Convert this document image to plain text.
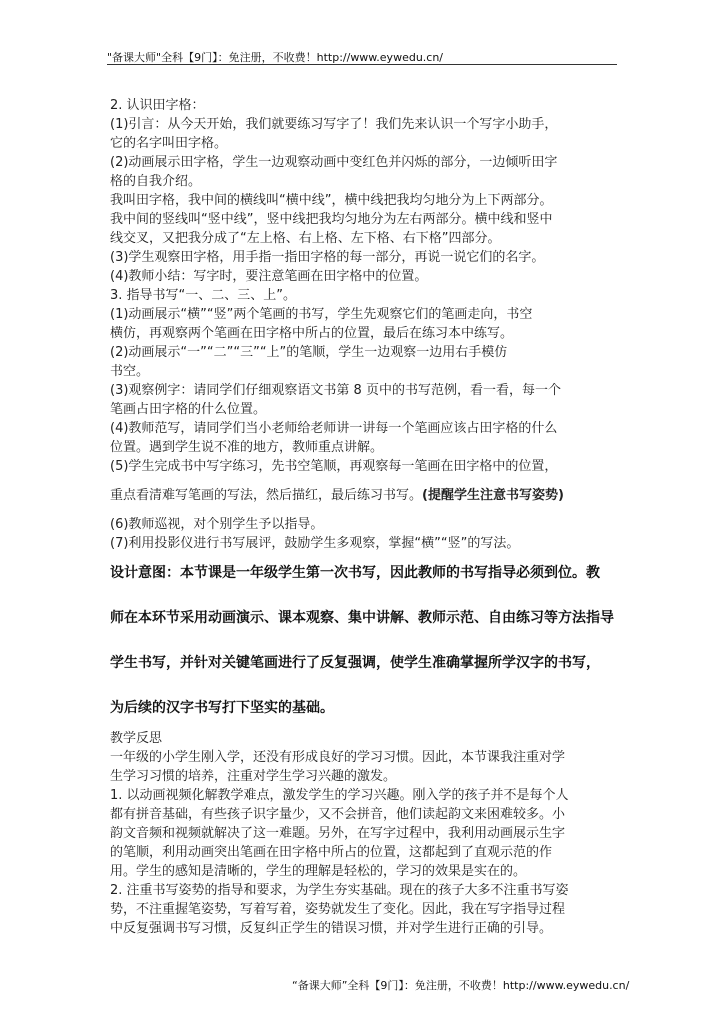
"备课大师"全科【9门】：免注册，不收费！http://www.eywedu.cn/
2. 认识田字格：
(1)引言：从今天开始，我们就要练习写字了！我们先来认识一个写字小助手，
它的名字叫田字格。
(2)动画展示田字格，学生一边观察动画中变红色并闪烁的部分，一边倾听田字
格的自我介绍。
我叫田字格，我中间的横线叫“横中线”，横中线把我均匀地分为上下两部分。
我中间的竖线叫“竖中线”，竖中线把我均匀地分为左右两部分。横中线和竖中
线交叉，又把我分成了“左上格、右上格、左下格、右下格”四部分。
(3)学生观察田字格，用手指一指田字格的每一部分，再说一说它们的名字。
(4)教师小结：写字时，要注意笔画在田字格中的位置。
3. 指导书写“一、二、三、上”。
(1)动画展示“横”“竖”两个笔画的书写，学生先观察它们的笔画走向，书空
横仿，再观察两个笔画在田字格中所占的位置，最后在练习本中练写。
(2)动画展示“一”“二”“三”“上”的笔顺，学生一边观察一边用右手模仿
书空。
(3)观察例字：请同学们仔细观察语文书第 8 页中的书写范例，看一看，每一个
笔画占田字格的什么位置。
(4)教师范写，请同学们当小老师给老师讲一讲每一个笔画应该占田字格的什么
位置。遇到学生说不准的地方，教师重点讲解。
(5)学生完成书中写字练习，先书空笔顺，再观察每一笔画在田字格中的位置，
重点看清难写笔画的写法，然后描红，最后练习书写。(提醒学生注意书写姿势)
(6)教师巡视，对个别学生予以指导。
(7)利用投影仪进行书写展评，鼓励学生多观察，掌握“横”“竖”的写法。
设计意图：本节课是一年级学生第一次书写，因此教师的书写指导必须到位。教
师在本环节采用动画演示、课本观察、集中讲解、教师示范、自由练习等方法指导
学生书写，并针对关键笔画进行了反复强调，使学生准确掌握所学汉字的书写，
为后续的汉字书写打下坚实的基础。
教学反思
一年级的小学生刚入学，还没有形成良好的学习习惯。因此，本节课我注重对学
生学习习惯的培养，注重对学生学习兴趣的激发。
1. 以动画视频化解教学难点，激发学生的学习兴趣。刚入学的孩子并不是每个人
都有拼音基础，有些孩子识字量少，又不会拼音，他们读起韵文来困难较多。小
韵文音频和视频就解决了这一难题。另外，在写字过程中，我利用动画展示生字
的笔顺，利用动画突出笔画在田字格中所占的位置，这都起到了直观示范的作
用。学生的感知是清晰的，学生的理解是轻松的，学习的效果是实在的。
2. 注重书写姿势的指导和要求，为学生夯实基础。现在的孩子大多不注重书写姿
势，不注重握笔姿势，写着写着，姿势就发生了变化。因此，我在写字指导过程
中反复强调书写习惯，反复纠正学生的错误习惯，并对学生进行正确的引导。
“备课大师”全科【9门】：免注册，不收费！http://www.eywedu.cn/
